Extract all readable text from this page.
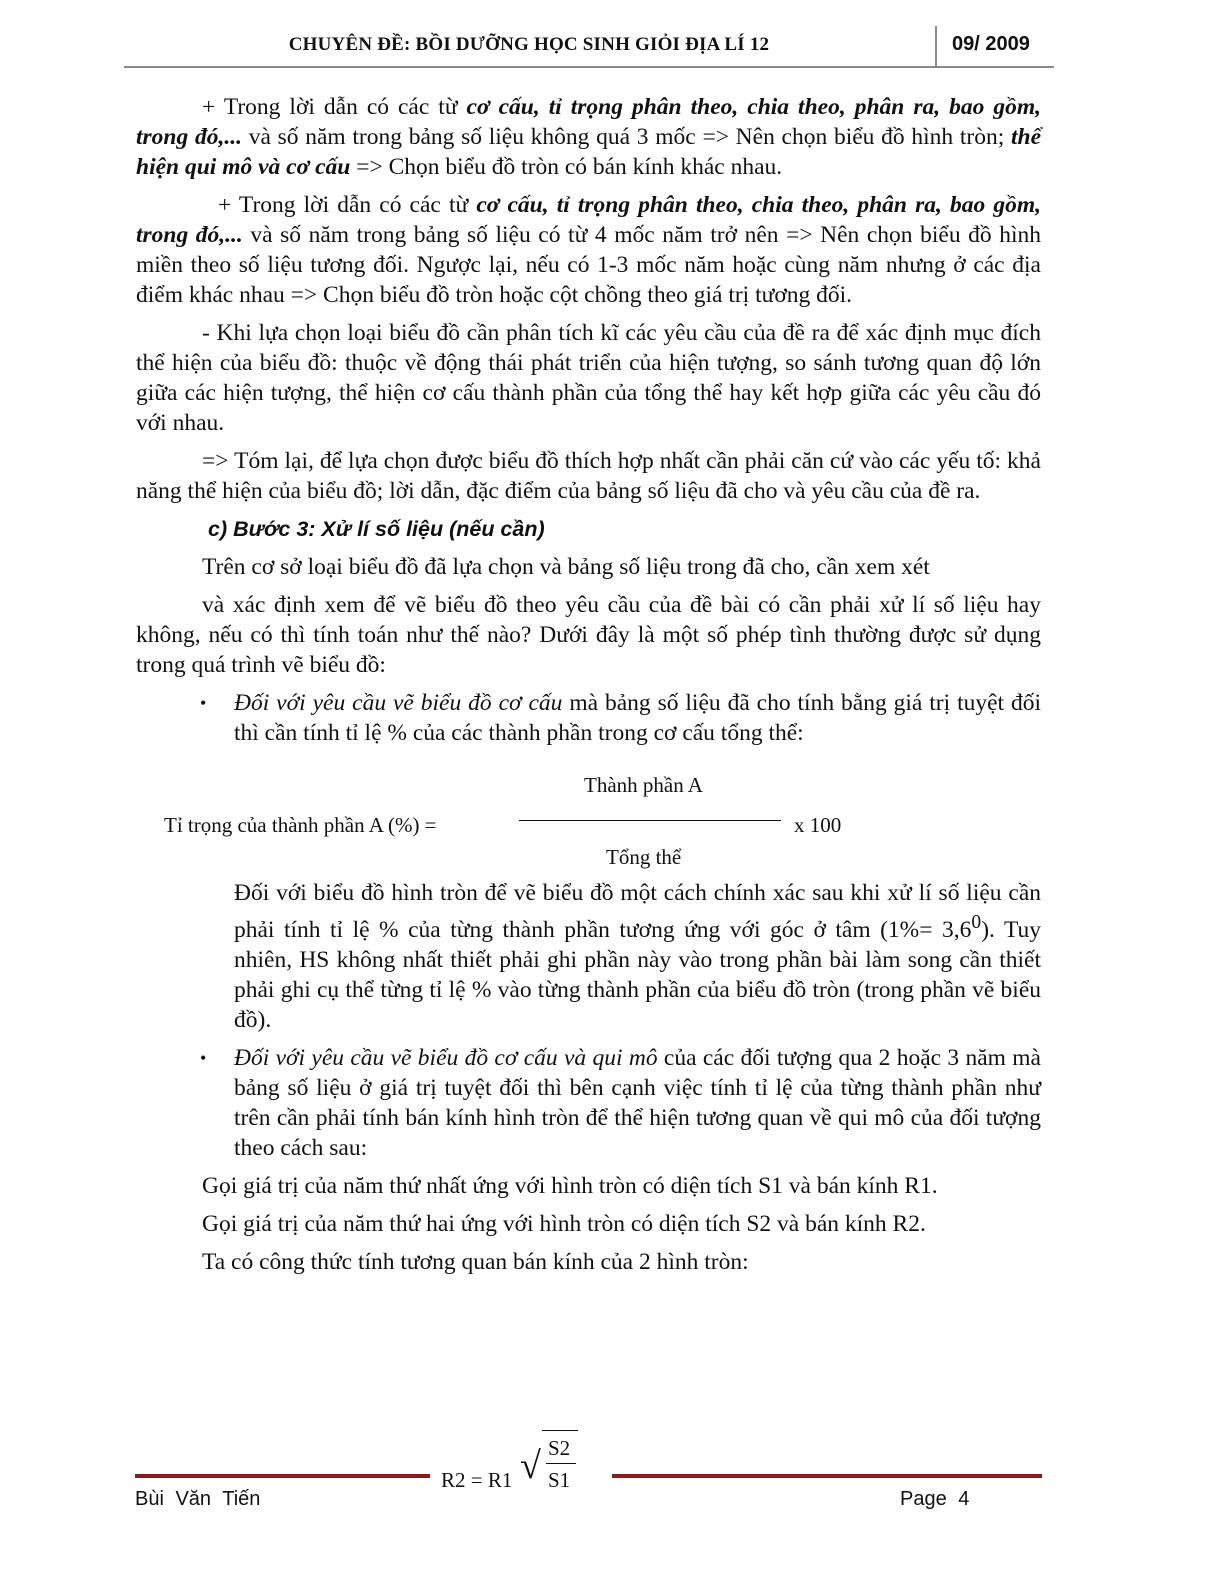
CHUYÊN ĐỀ: BỒI DƯỠNG HỌC SINH GIỎI ĐỊA LÍ 12	09/ 2009

+ Trong lời dẫn có các từ cơ cấu, tỉ trọng phân theo, chia theo, phân ra, bao gồm, trong đó,... và số năm trong bảng số liệu không quá 3 mốc => Nên chọn biểu đồ hình tròn; thể hiện qui mô và cơ cấu => Chọn biểu đồ tròn có bán kính khác nhau.

+ Trong lời dẫn có các từ cơ cấu, tỉ trọng phân theo, chia theo, phân ra, bao gồm, trong đó,... và số năm trong bảng số liệu có từ 4 mốc năm trở nên => Nên chọn biểu đồ hình miền theo số liệu tương đối. Ngược lại, nếu có 1-3 mốc năm hoặc cùng năm nhưng ở các địa điểm khác nhau => Chọn biểu đồ tròn hoặc cột chồng theo giá trị tương đối.

- Khi lựa chọn loại biểu đồ cần phân tích kĩ các yêu cầu của đề ra để xác định mục đích thể hiện của biểu đồ: thuộc về động thái phát triển của hiện tượng, so sánh tương quan độ lớn giữa các hiện tượng, thể hiện cơ cấu thành phần của tổng thể hay kết hợp giữa các yêu cầu đó với nhau.

=> Tóm lại, để lựa chọn được biểu đồ thích hợp nhất cần phải căn cứ vào các yếu tố: khả năng thể hiện của biểu đồ; lời dẫn, đặc điểm của bảng số liệu đã cho và yêu cầu của đề ra.

c) Bước 3: Xử lí số liệu (nếu cần)

Trên cơ sở loại biểu đồ đã lựa chọn và bảng số liệu trong đã cho, cần xem xét

và xác định xem để vẽ biểu đồ theo yêu cầu của đề bài có cần phải xử lí số liệu hay không, nếu có thì tính toán như thế nào? Dưới đây là một số phép tình thường được sử dụng trong quá trình vẽ biểu đồ:

• Đối với yêu cầu vẽ biểu đồ cơ cấu mà bảng số liệu đã cho tính bằng giá trị tuyệt đối thì cần tính tỉ lệ % của các thành phần trong cơ cấu tổng thể:
Tỉ trọng của thành phần A (%) =
Thành phần A
x 100
Tổng thể

Đối với biểu đồ hình tròn để vẽ biểu đồ một cách chính xác sau khi xử lí số liệu cần phải tính tỉ lệ % của từng thành phần tương ứng với góc ở tâm $(1\%= 3,6^0)$. Tuy nhiên, HS không nhất thiết phải ghi phần này vào trong phần bài làm song cần thiết phải ghi cụ thể từng tỉ lệ % vào từng thành phần của biểu đồ tròn (trong phần vẽ biểu đồ).

• Đối với yêu cầu vẽ biểu đồ cơ cấu và qui mô của các đối tượng qua 2 hoặc 3 năm mà bảng số liệu ở giá trị tuyệt đối thì bên cạnh việc tính tỉ lệ của từng thành phần như trên cần phải tính bán kính hình tròn để thể hiện tương quan về qui mô của đối tượng theo cách sau:

Gọi giá trị của năm thứ nhất ứng với hình tròn có diện tích S1 và bán kính R1.

Gọi giá trị của năm thứ hai ứng với hình tròn có diện tích S2 và bán kính R2.

Ta có công thức tính tương quan bán kính của 2 hình tròn:

R2 = R1 √ S2
S1
Bùi Văn Tiến	Page 4
